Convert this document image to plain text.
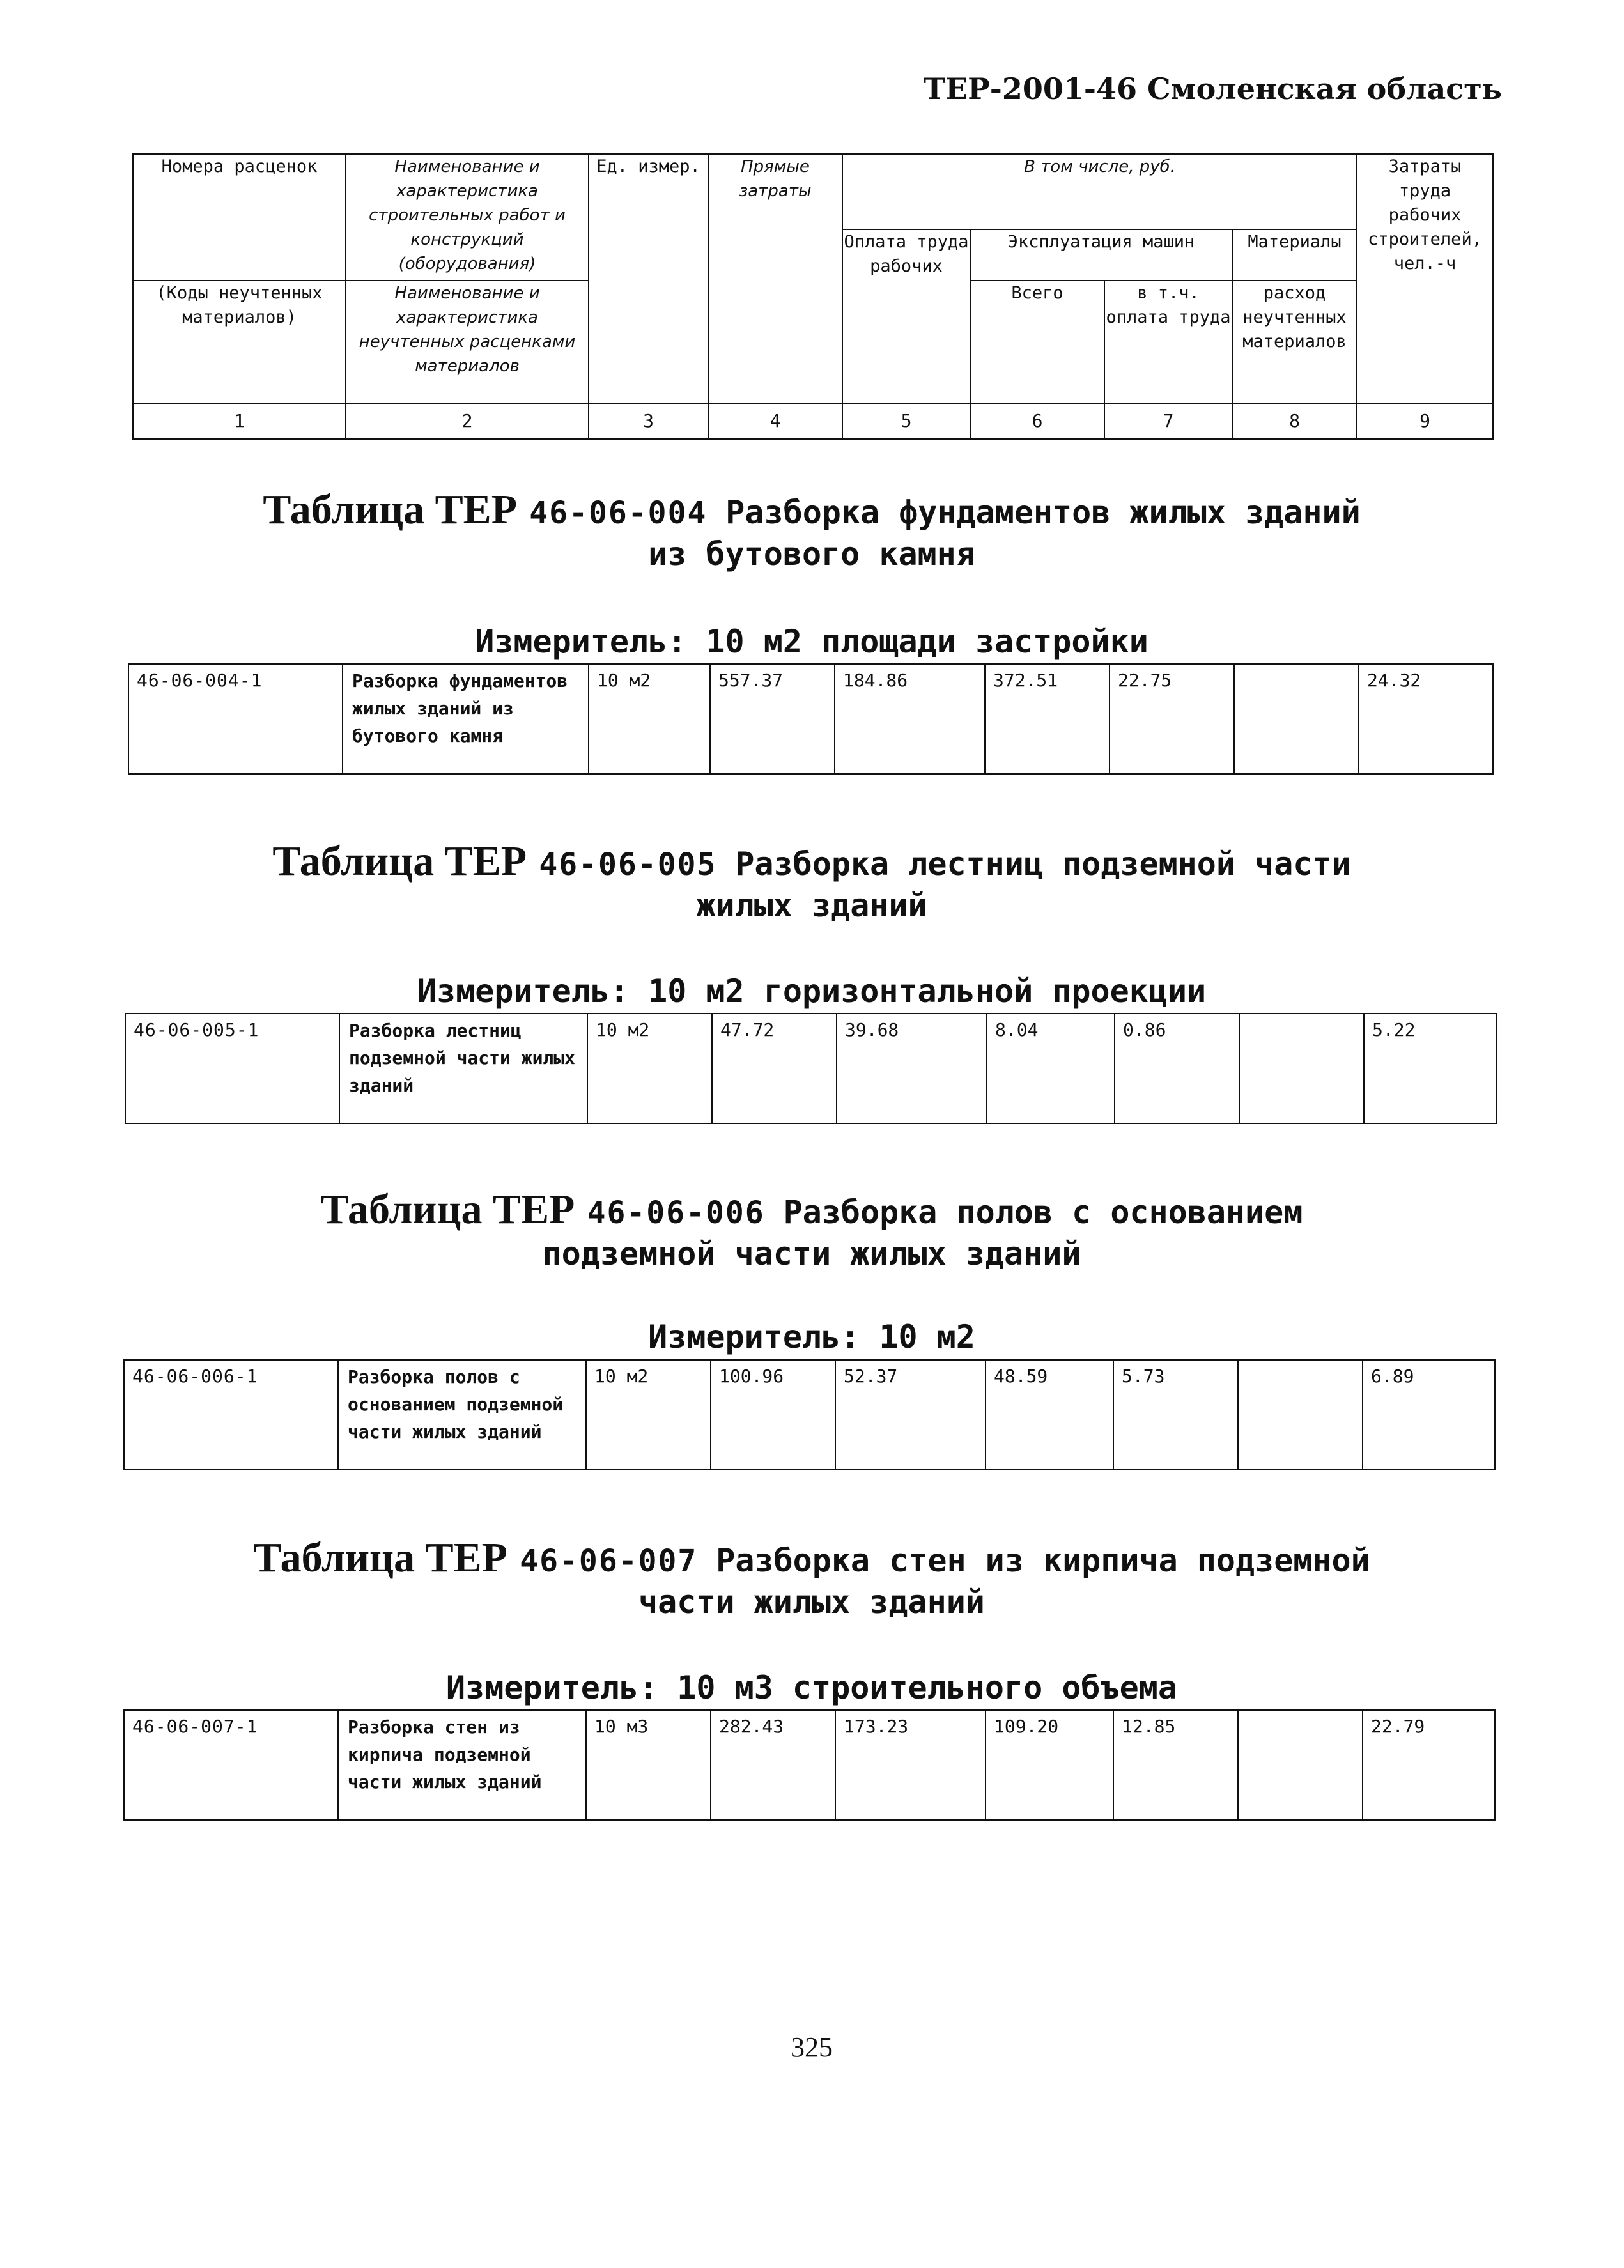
ТЕР-2001-46 Смоленская область
Номера расценок	Наименование и характеристика строительных работ и конструкций (оборудования)	Ед. измер.	Прямые затраты	В том числе, руб.				Затраты труда рабочих строителей, чел.-ч
				Оплата труда рабочих	Эксплуатация машин		Материалы	
(Коды неучтенных материалов)	Наименование и характеристика неучтенных расценками материалов				Всего	в т.ч. оплата труда	расход неучтенных материалов	

1	2	3	4	5	6	7	8	9
Таблица ТЕР 46-06-004 Разборка фундаментов жилых зданий
из бутового камня
Измеритель: 10 м2 площади застройки
46-06-004-1	Разборка фундаментов жилых зданий из бутового камня	10 м2	557.37	184.86	372.51	22.75		24.32
Таблица ТЕР 46-06-005 Разборка лестниц подземной части
жилых зданий
Измеритель: 10 м2 горизонтальной проекции
46-06-005-1	Разборка лестниц подземной части жилых зданий	10 м2	47.72	39.68	8.04	0.86		5.22
Таблица ТЕР 46-06-006 Разборка полов с основанием
подземной части жилых зданий
Измеритель: 10 м2
46-06-006-1	Разборка полов с основанием подземной части жилых зданий	10 м2	100.96	52.37	48.59	5.73		6.89
Таблица ТЕР 46-06-007 Разборка стен из кирпича подземной
части жилых зданий
Измеритель: 10 м3 строительного объема
46-06-007-1	Разборка стен из кирпича подземной части жилых зданий	10 м3	282.43	173.23	109.20	12.85		22.79
325
